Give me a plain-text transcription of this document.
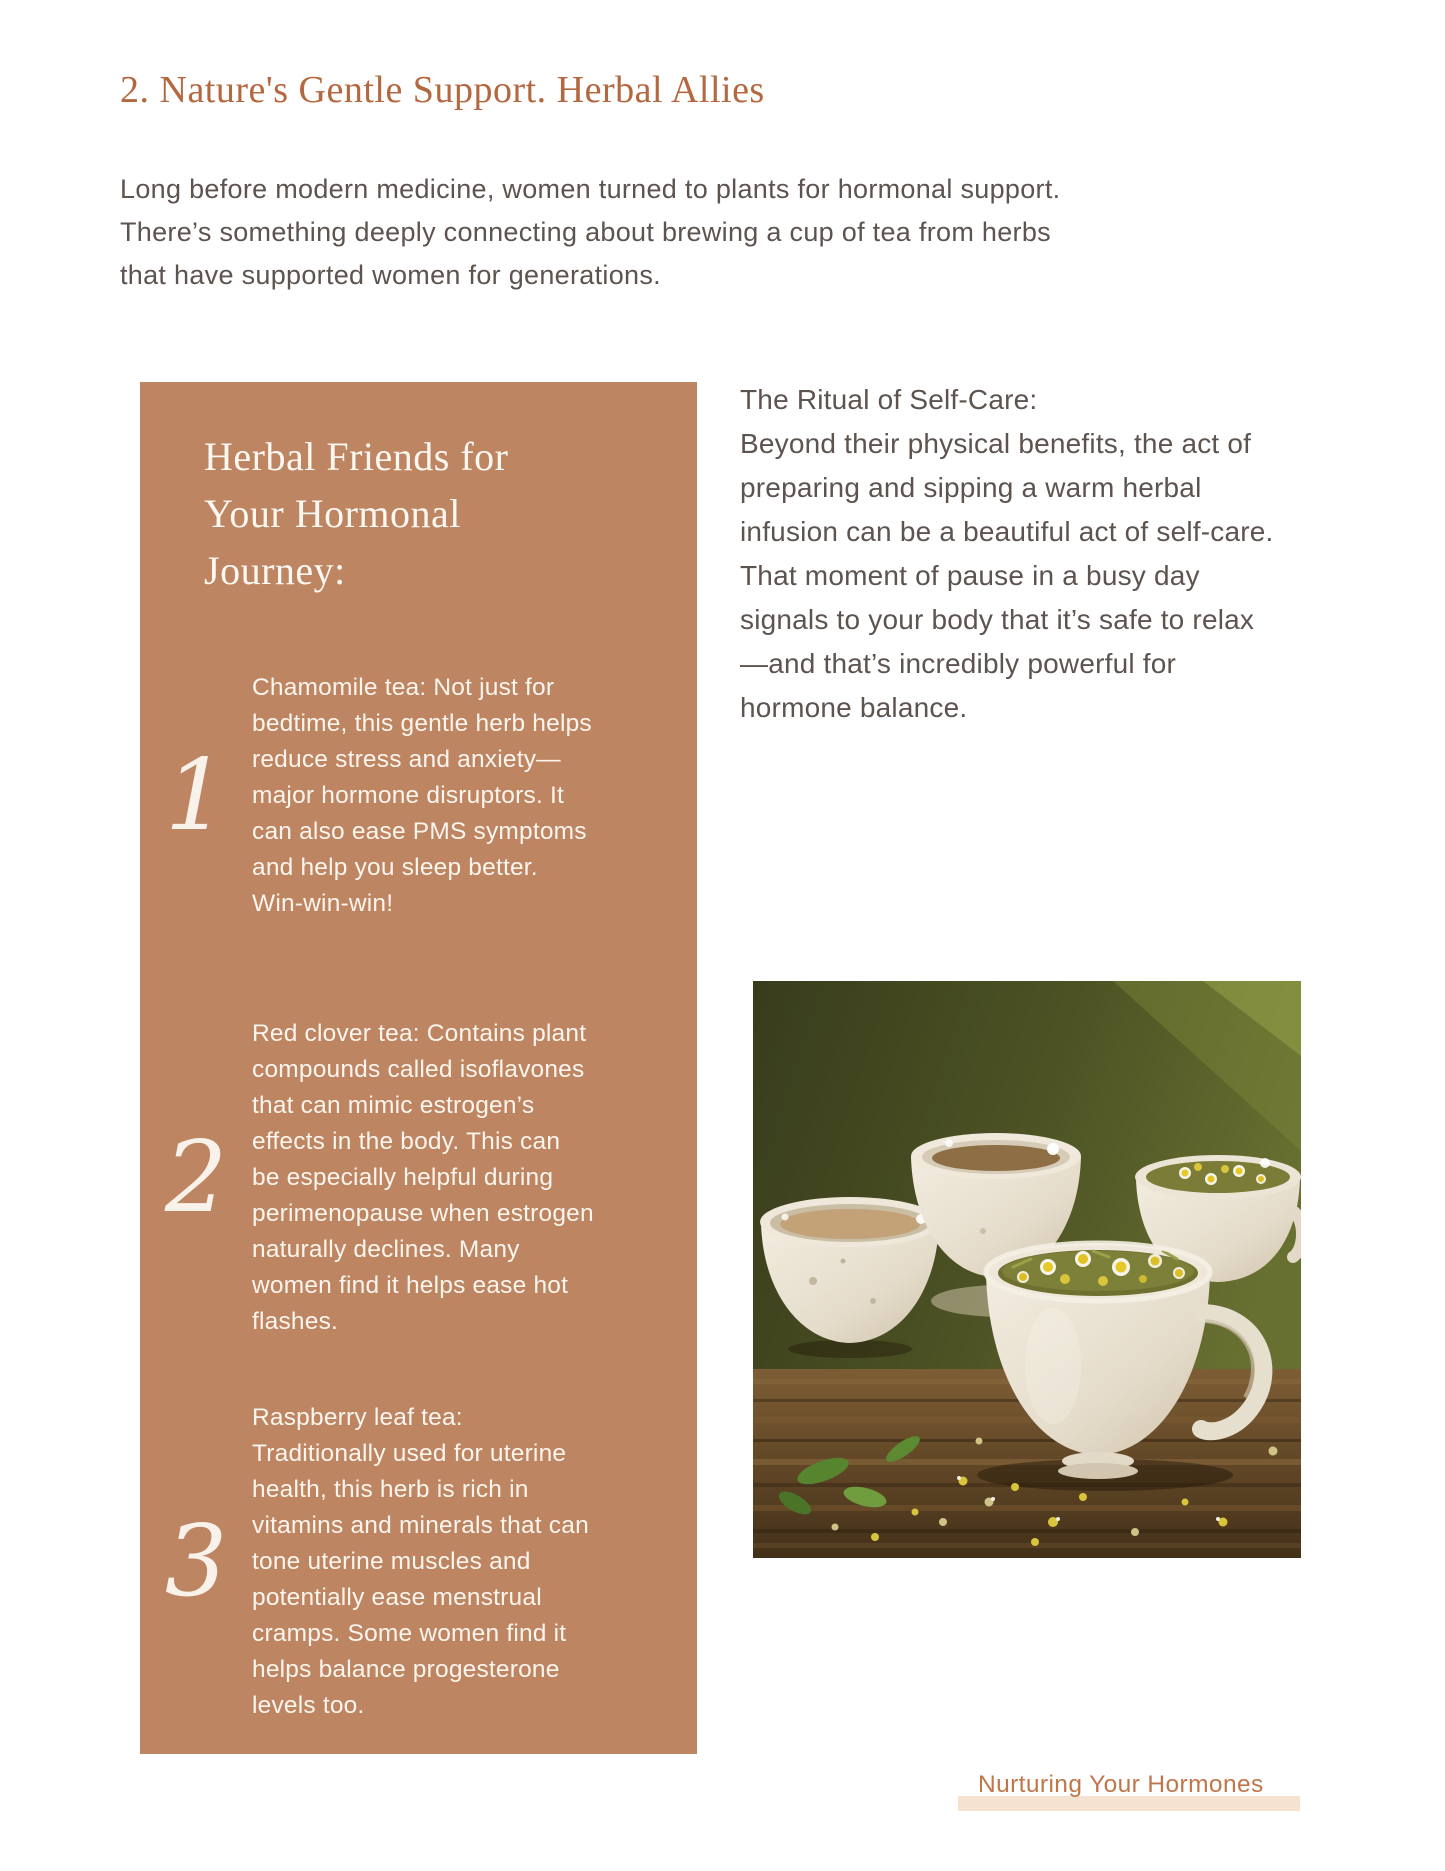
2. Nature's Gentle Support. Herbal Allies

Long before modern medicine, women turned to plants for hormonal support. There’s something deeply connecting about brewing a cup of tea from herbs that have supported women for generations.

Herbal Friends for
Your Hormonal
Journey:
1
Chamomile tea: Not just for bedtime, this gentle herb helps reduce stress and anxiety—major hormone disruptors. It can also ease PMS symptoms and help you sleep better. Win-win-win!
2
Red clover tea: Contains plant compounds called isoflavones that can mimic estrogen’s effects in the body. This can be especially helpful during perimenopause when estrogen naturally declines. Many women find it helps ease hot flashes.
3
Raspberry leaf tea: Traditionally used for uterine health, this herb is rich in vitamins and minerals that can tone uterine muscles and potentially ease menstrual cramps. Some women find it helps balance progesterone levels too.
The Ritual of Self-Care:
Beyond their physical benefits, the act of preparing and sipping a warm herbal infusion can be a beautiful act of self-care. That moment of pause in a busy day signals to your body that it’s safe to relax—and that’s incredibly powerful for hormone balance.
Nurturing Your Hormones
